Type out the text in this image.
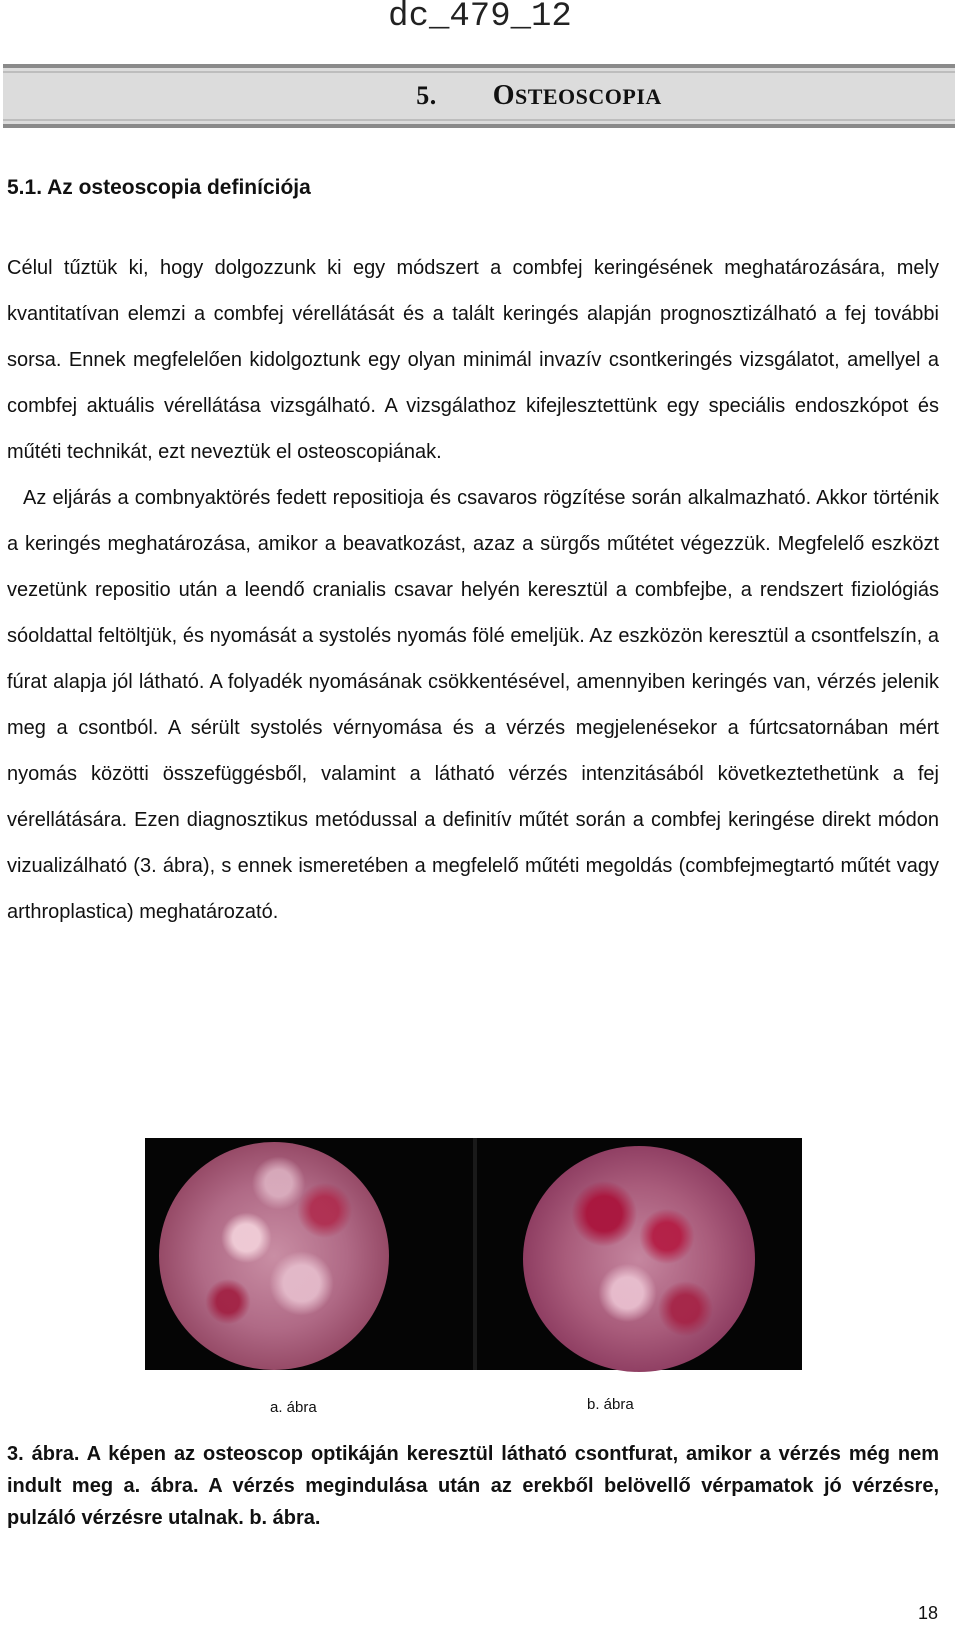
dc_479_12
5. OSTEOSCOPIA
5.1. Az osteoscopia definíciója

Célul tűztük ki, hogy dolgozzunk ki egy módszert a combfej keringésének meghatározására, mely kvantitatívan elemzi a combfej vérellátását és a talált keringés alapján prognosztizálható a fej további sorsa. Ennek megfelelően kidolgoztunk egy olyan minimál invazív csontkeringés vizsgálatot, amellyel a combfej aktuális vérellátása vizsgálható. A vizsgálathoz kifejlesztettünk egy speciális endoszkópot és műtéti technikát, ezt neveztük el osteoscopiának.

Az eljárás a combnyaktörés fedett repositioja és csavaros rögzítése során alkalmazható. Akkor történik a keringés meghatározása, amikor a beavatkozást, azaz a sürgős műtétet végezzük. Megfelelő eszközt vezetünk repositio után a leendő cranialis csavar helyén keresztül a combfejbe, a rendszert fiziológiás sóoldattal feltöltjük, és nyomását a systolés nyomás fölé emeljük. Az eszközön keresztül a csontfelszín, a fúrat alapja jól látható. A folyadék nyomásának csökkentésével, amennyiben keringés van, vérzés jelenik meg a csontból. A sérült systolés vérnyomása és a vérzés megjelenésekor a fúrtcsatornában mért nyomás közötti összefüggésből, valamint a látható vérzés intenzitásából következtethetünk a fej vérellátására. Ezen diagnosztikus metódussal a definitív műtét során a combfej keringése direkt módon vizualizálható (3. ábra), s ennek ismeretében a megfelelő műtéti megoldás (combfejmegtartó műtét vagy arthroplastica) meghatározató.

a. ábra	b. ábra

3. ábra. A képen az osteoscop optikáján keresztül látható csontfurat, amikor a vérzés még nem indult meg a. ábra. A vérzés megindulása után az erekből belövellő vérpamatok jó vérzésre, pulzáló vérzésre utalnak. b. ábra.

18
